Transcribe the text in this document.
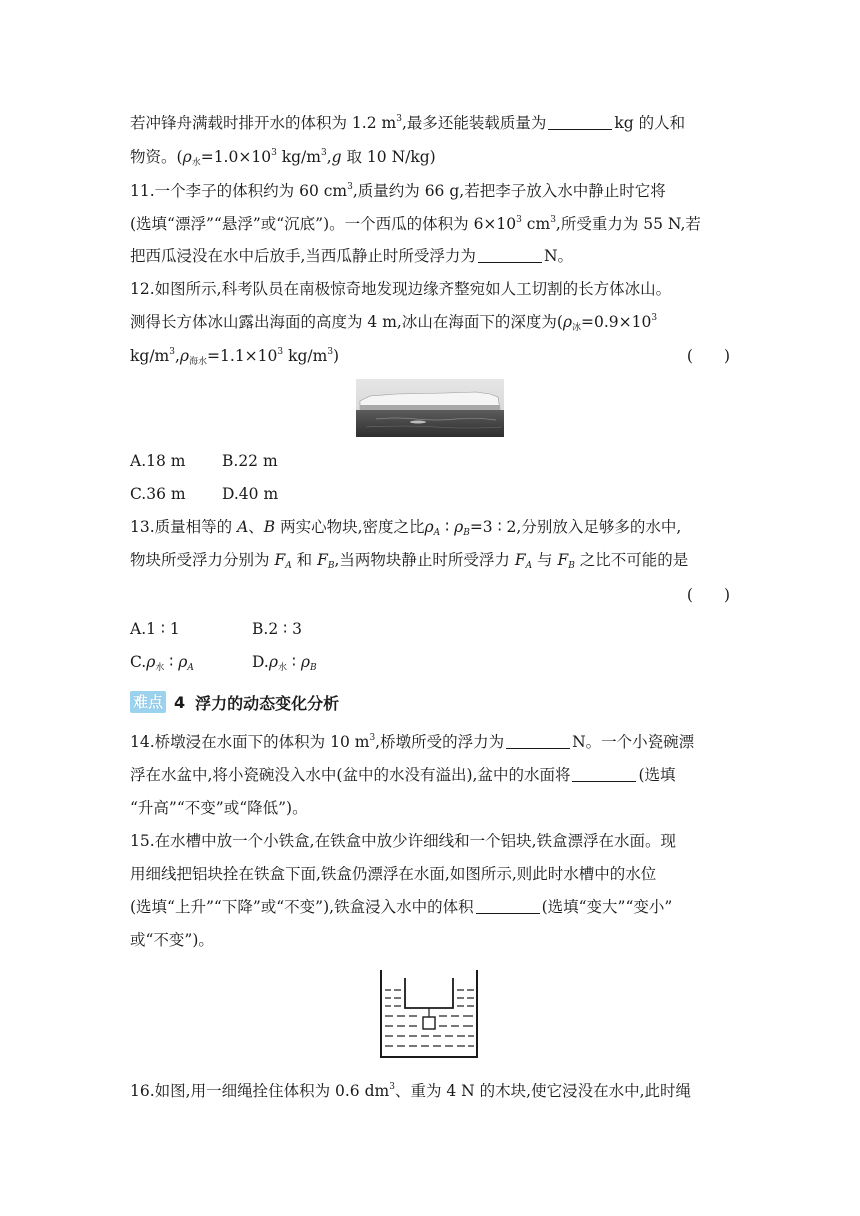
若冲锋舟满载时排开水的体积为 1.2 $m^3$,最多还能装载质量为	kg 的人和
物资。($\rho_水=1.0\times 10^3$ $kg/m^3,g$ 取 10 N/kg)
11.一个李子的体积约为 60 $cm^3$,质量约为 66 g,若把李子放入水中静止时它将
(选填“漂浮”“悬浮”或“沉底”)。一个西瓜的体积为 $6\times 10^3$ $cm^3$,所受重力为 55 N,若
把西瓜浸没在水中后放手,当西瓜静止时所受浮力为	N。
12.如图所示,科考队员在南极惊奇地发现边缘齐整宛如人工切割的长方体冰山。
测得长方体冰山露出海面的高度为 4 m,冰山在海面下的深度为($\rho_冰=0.9\times 10^3$
$kg/m^3,\rho_{海水}=1.1\times 10^3$ $kg/m^3$)	(　　)
A.18 m B.22 m
C.36 m D.40 m
13.质量相等的 A、B 两实心物块,密度之比$\rho_A$ ∶ $\rho_B=3$ ∶ 2,分别放入足够多的水中,
物块所受浮力分别为 $F_A$ 和 $F_B$,当两物块静止时所受浮力 $F_A$ 与 $F_B$ 之比不可能的是
(　　)
A.1 ∶ 1	B.2 ∶ 3
$C.\rho_水$ ∶ $\rho_A$	$D.\rho_水$ ∶ $\rho_B$
难点 4 浮力的动态变化分析
14.桥墩浸在水面下的体积为 10 $m^3$,桥墩所受的浮力为	N。一个小瓷碗漂
浮在水盆中,将小瓷碗没入水中(盆中的水没有溢出),盆中的水面将	(选填
“升高”“不变”或“降低”)。
15.在水槽中放一个小铁盒,在铁盒中放少许细线和一个铝块,铁盒漂浮在水面。现
用细线把铝块拴在铁盒下面,铁盒仍漂浮在水面,如图所示,则此时水槽中的水位
(选填“上升”“下降”或“不变”),铁盒浸入水中的体积	(选填“变大”“变小”
或“不变”)。
16.如图,用一细绳拴住体积为 0.6 $dm^3$、重为 4 N 的木块,使它浸没在水中,此时绳
